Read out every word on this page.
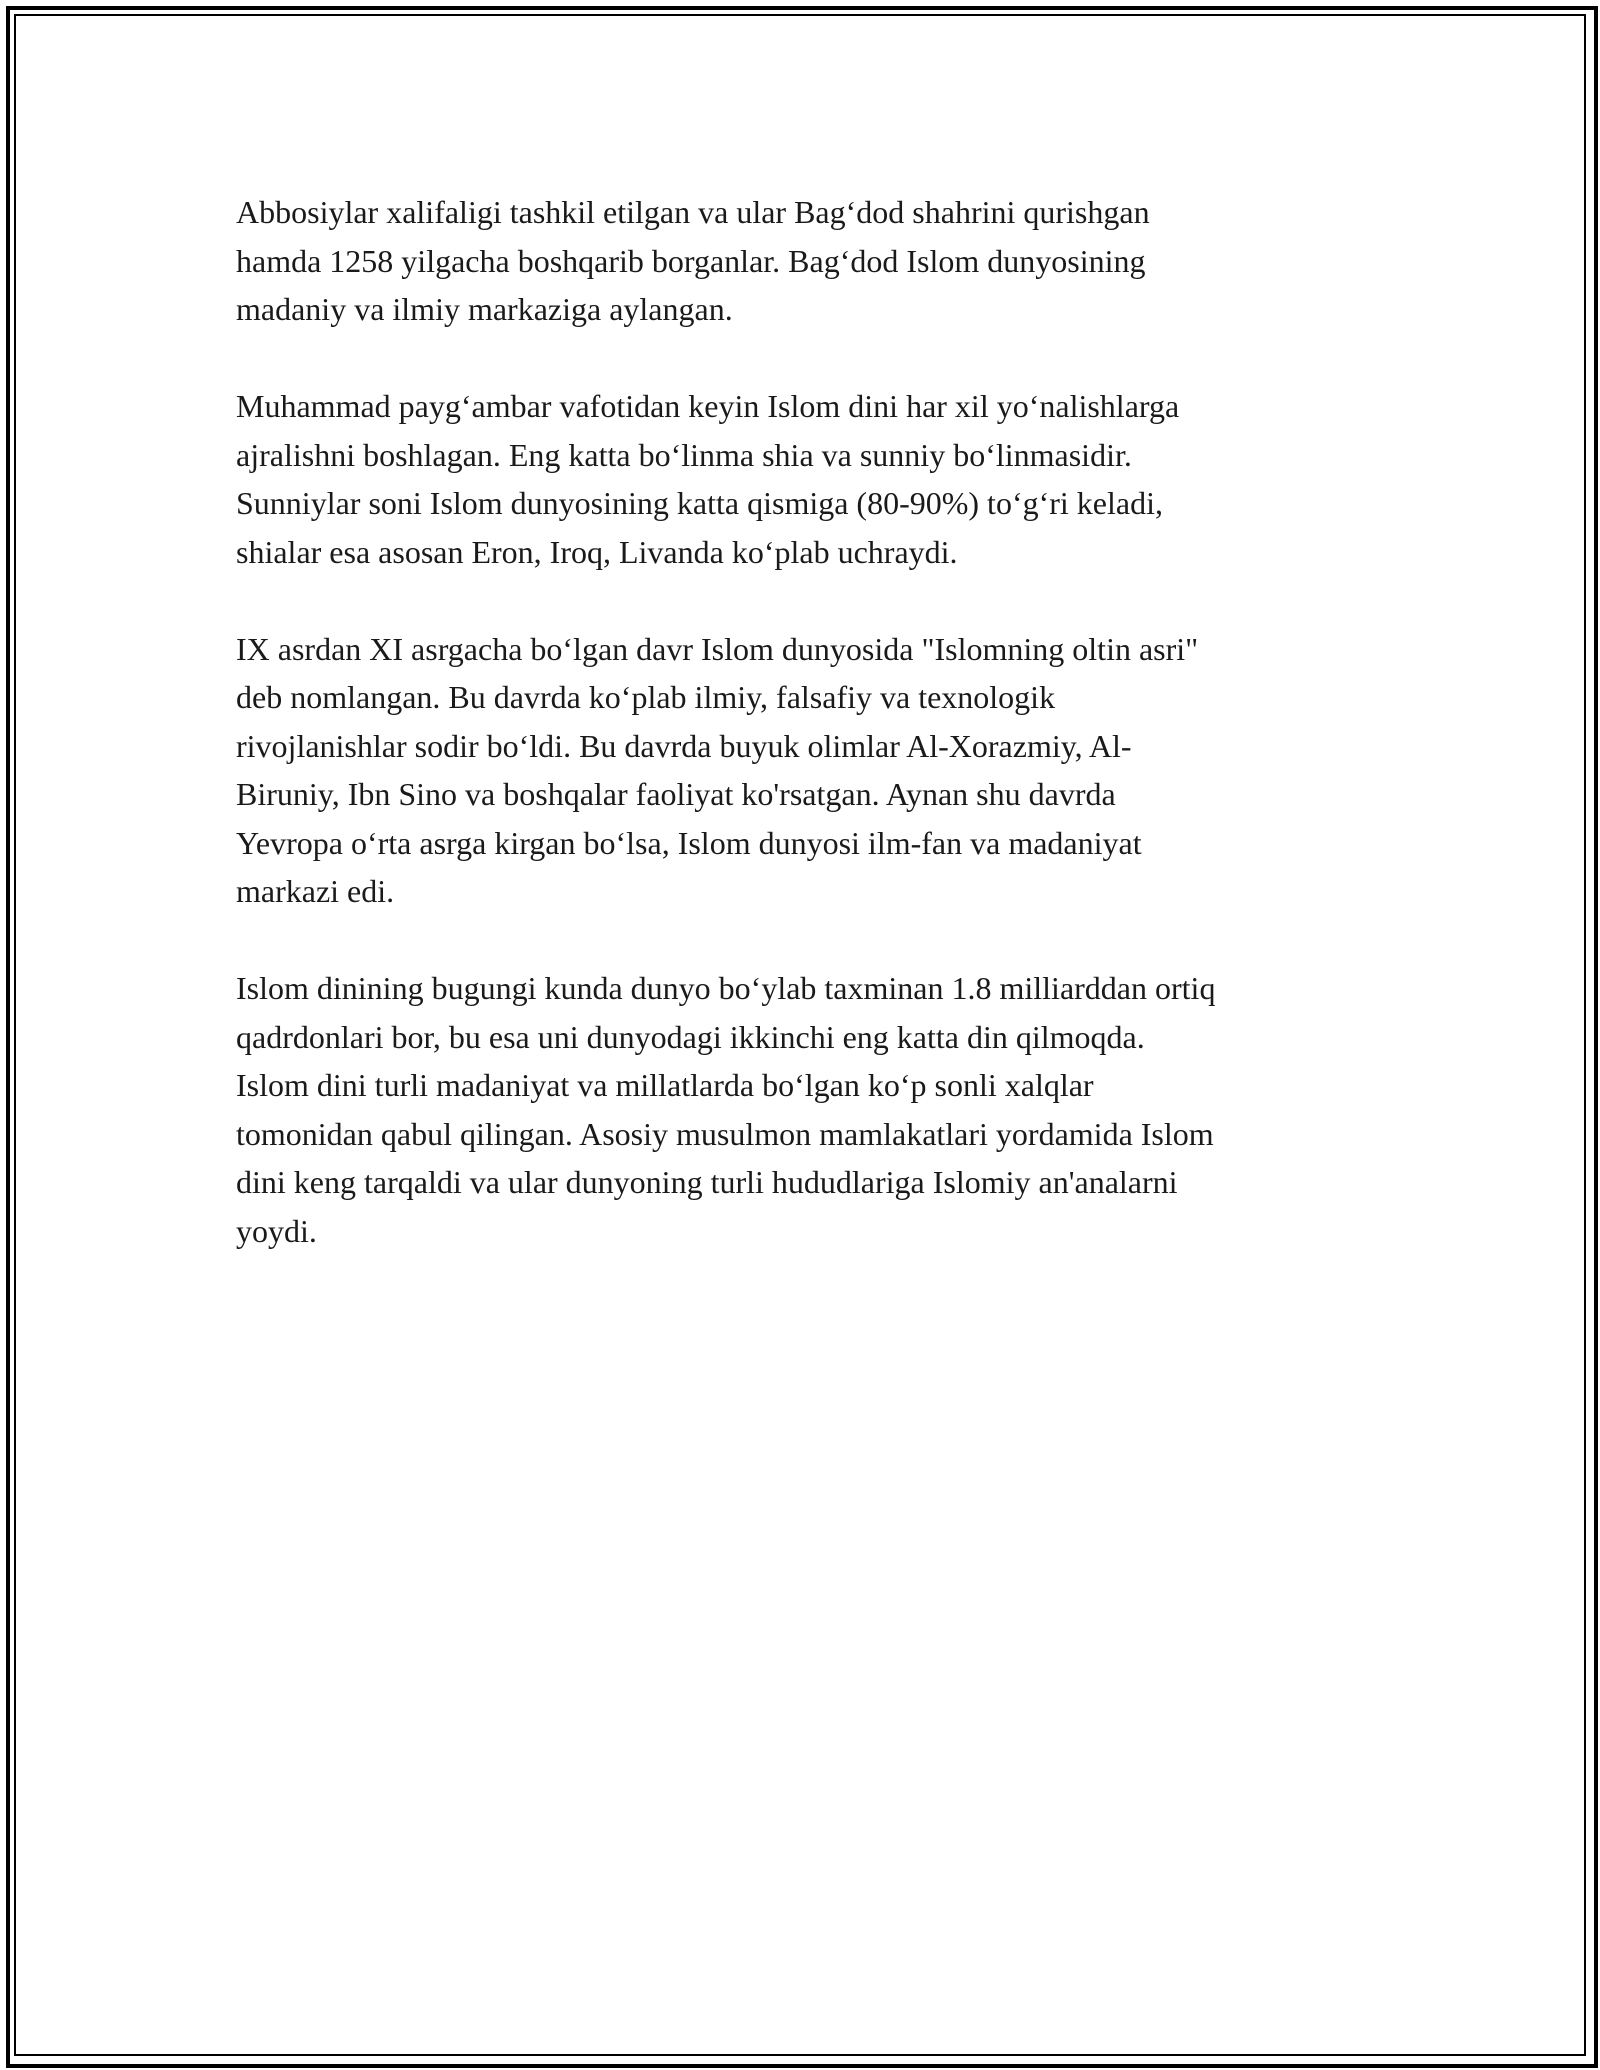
Abbosiylar xalifaligi tashkil etilgan va ular Bag‘dod shahrini qurishgan
hamda 1258 yilgacha boshqarib borganlar. Bag‘dod Islom dunyosining
madaniy va ilmiy markaziga aylangan.

Muhammad payg‘ambar vafotidan keyin Islom dini har xil yo‘nalishlarga
ajralishni boshlagan. Eng katta bo‘linma shia va sunniy bo‘linmasidir.
Sunniylar soni Islom dunyosining katta qismiga (80-90%) to‘g‘ri keladi,
shialar esa asosan Eron, Iroq, Livanda ko‘plab uchraydi.

IX asrdan XI asrgacha bo‘lgan davr Islom dunyosida "Islomning oltin asri"
deb nomlangan. Bu davrda ko‘plab ilmiy, falsafiy va texnologik
rivojlanishlar sodir bo‘ldi. Bu davrda buyuk olimlar Al-Xorazmiy, Al-
Biruniy, Ibn Sino va boshqalar faoliyat ko'rsatgan. Aynan shu davrda
Yevropa o‘rta asrga kirgan bo‘lsa, Islom dunyosi ilm-fan va madaniyat
markazi edi.

Islom dinining bugungi kunda dunyo bo‘ylab taxminan 1.8 milliarddan ortiq
qadrdonlari bor, bu esa uni dunyodagi ikkinchi eng katta din qilmoqda.
Islom dini turli madaniyat va millatlarda bo‘lgan ko‘p sonli xalqlar
tomonidan qabul qilingan. Asosiy musulmon mamlakatlari yordamida Islom
dini keng tarqaldi va ular dunyoning turli hududlariga Islomiy an'analarni
yoydi.
